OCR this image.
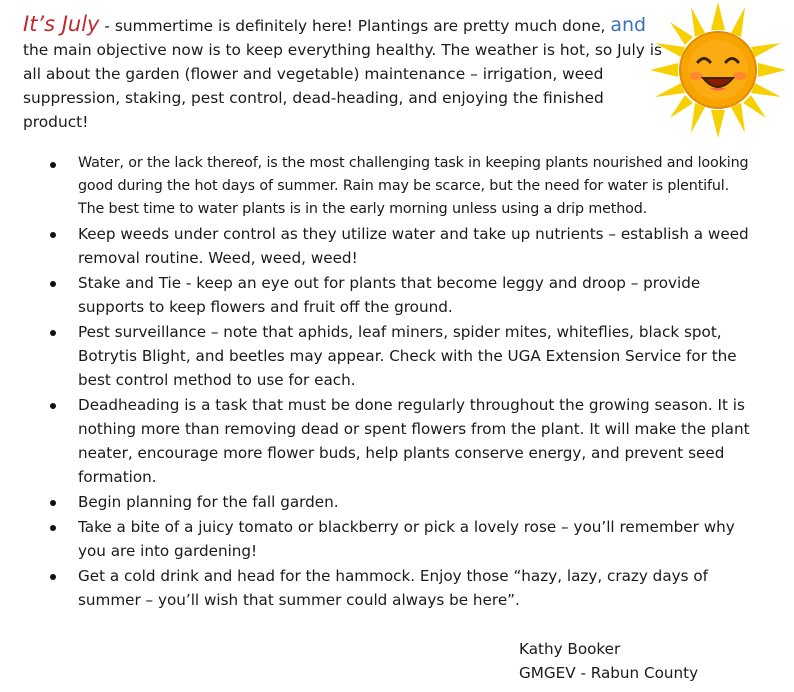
It’s July - summertime is definitely here! Plantings are pretty much done, and the main objective now is to keep everything healthy. The weather is hot, so July is all about the garden (flower and vegetable) maintenance – irrigation, weed suppression, staking, pest control, dead-heading, and enjoying the finished product!

Water, or the lack thereof, is the most challenging task in keeping plants nourished and looking good during the hot days of summer. Rain may be scarce, but the need for water is plentiful. The best time to water plants is in the early morning unless using a drip method.
Keep weeds under control as they utilize water and take up nutrients – establish a weed removal routine. Weed, weed, weed!
Stake and Tie - keep an eye out for plants that become leggy and droop – provide supports to keep flowers and fruit off the ground.
Pest surveillance – note that aphids, leaf miners, spider mites, whiteflies, black spot, Botrytis Blight, and beetles may appear. Check with the UGA Extension Service for the best control method to use for each.
Deadheading is a task that must be done regularly throughout the growing season. It is nothing more than removing dead or spent flowers from the plant. It will make the plant neater, encourage more flower buds, help plants conserve energy, and prevent seed formation.
Begin planning for the fall garden.
Take a bite of a juicy tomato or blackberry or pick a lovely rose – you’ll remember why you are into gardening!
Get a cold drink and head for the hammock. Enjoy those “hazy, lazy, crazy days of summer – you’ll wish that summer could always be here”.
Kathy Booker
GMGEV - Rabun County
